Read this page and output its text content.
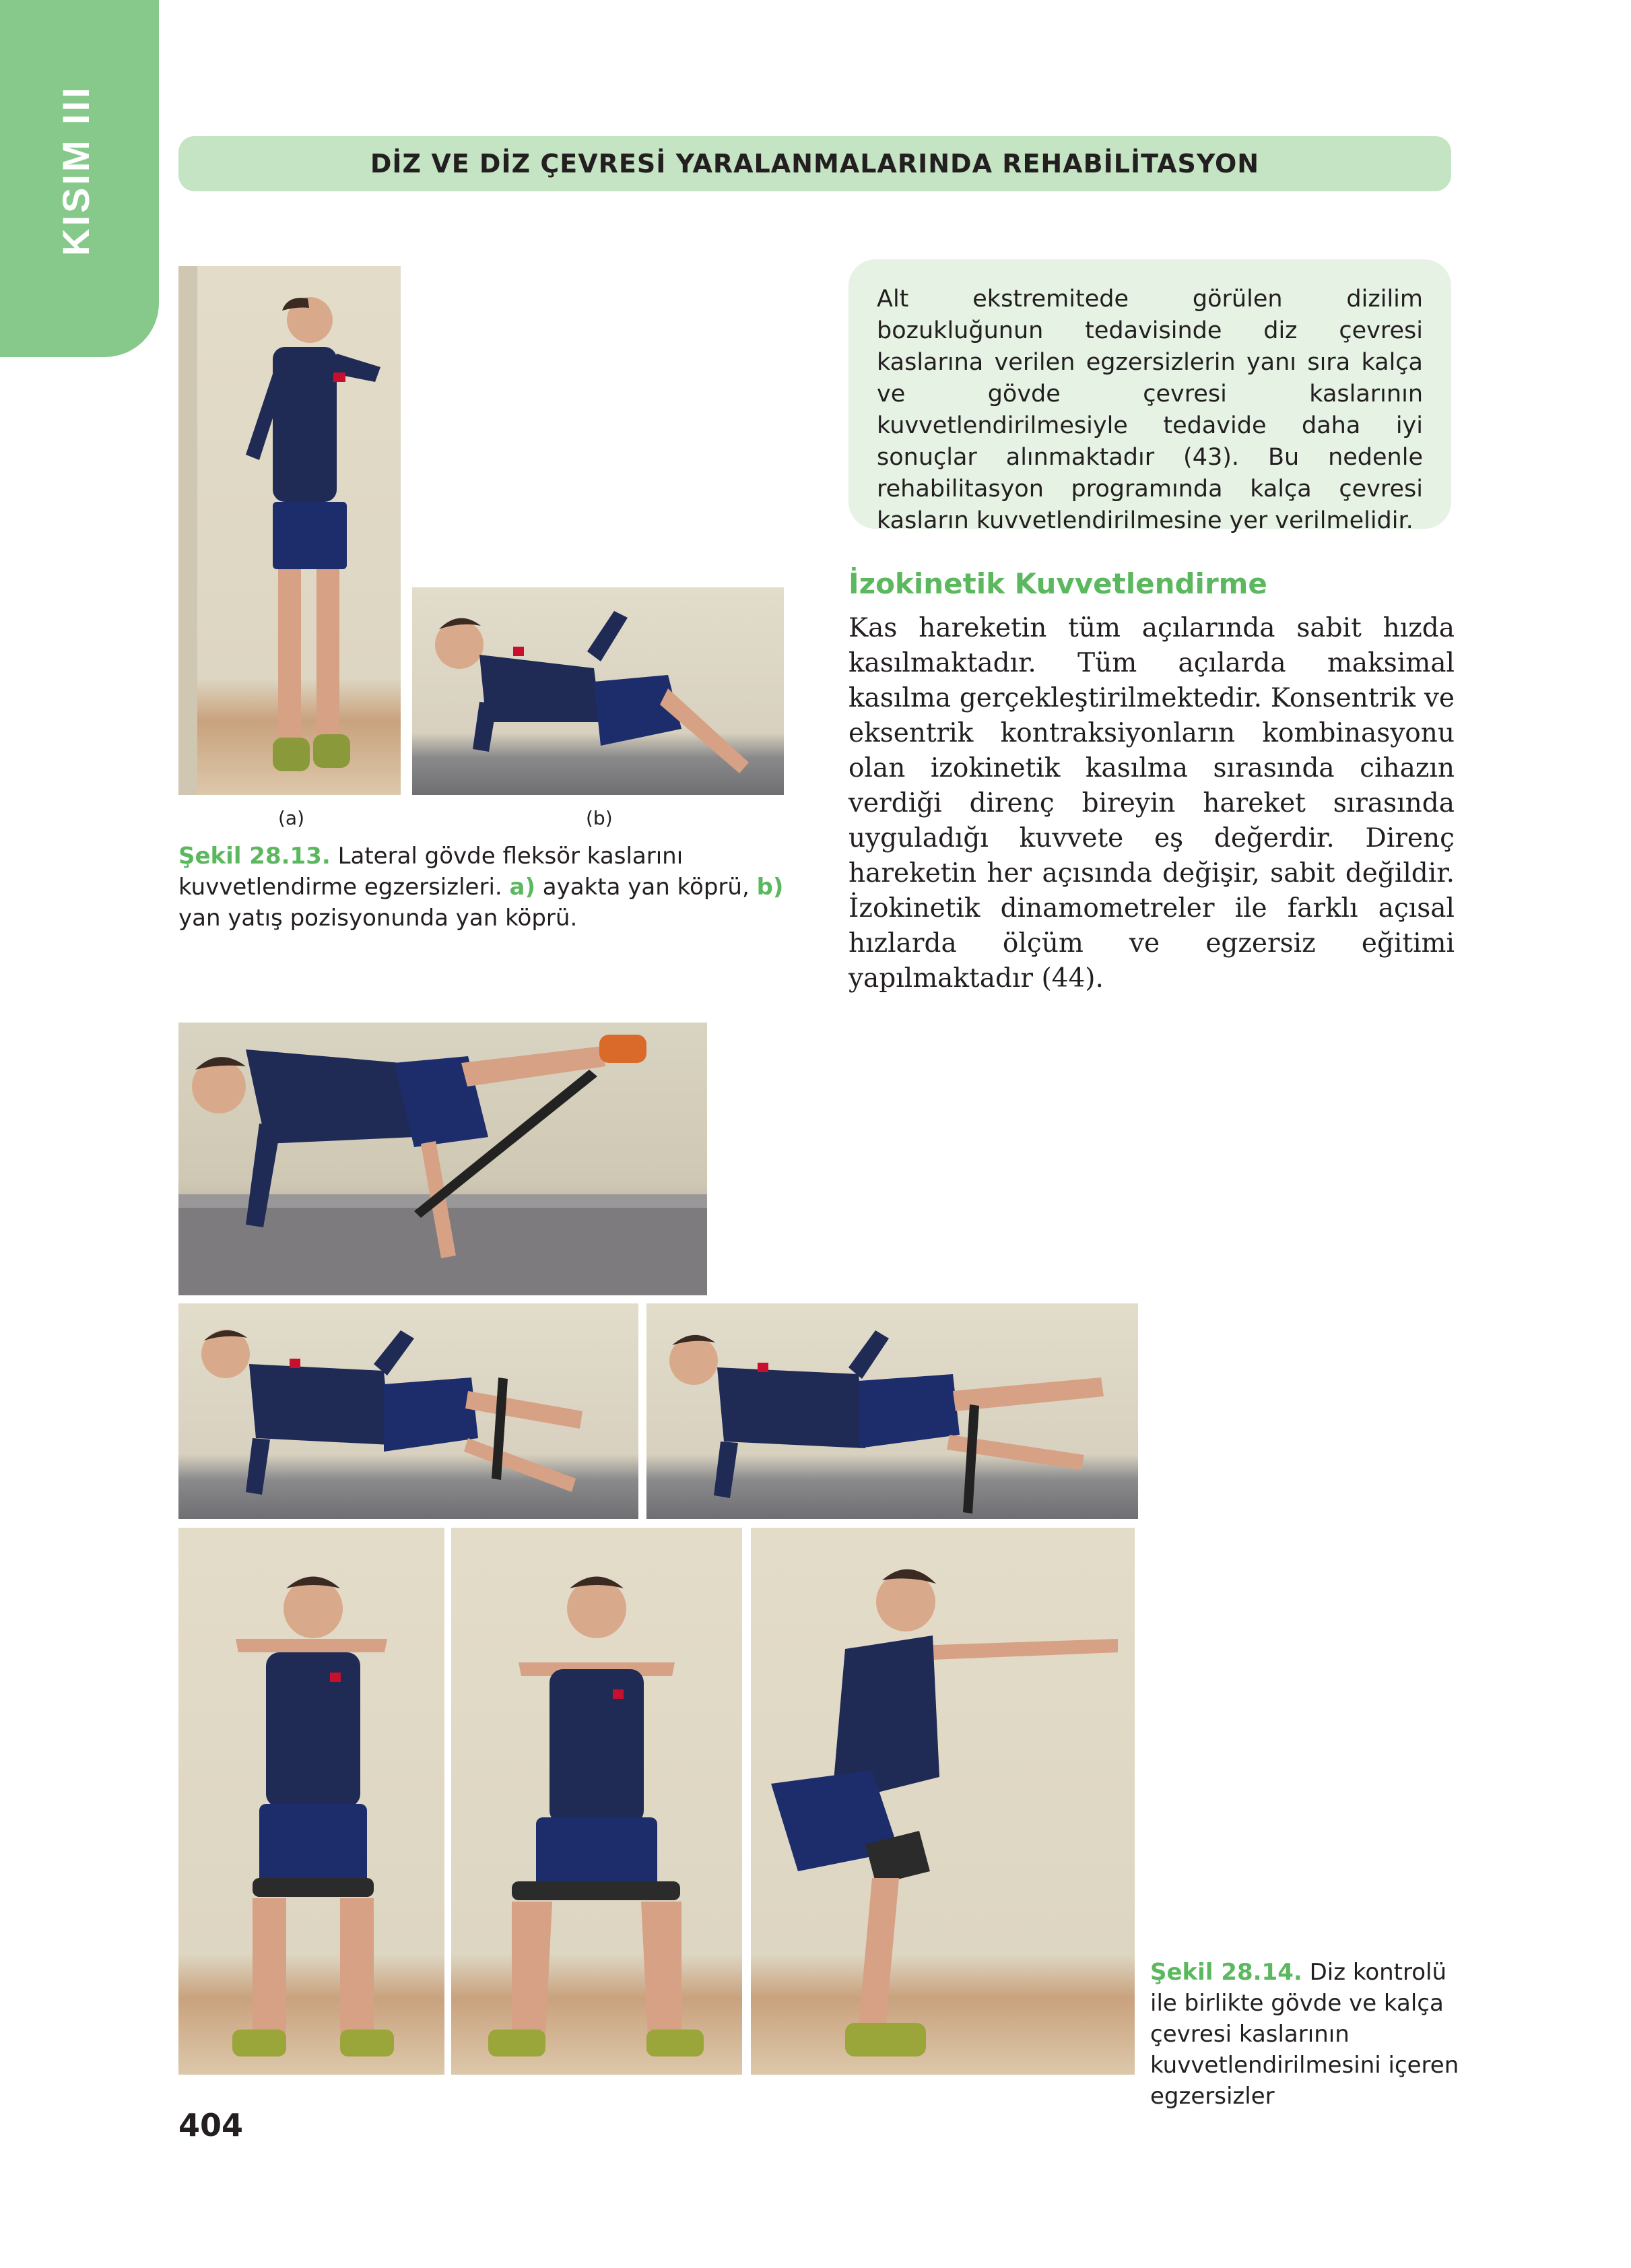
KISIM III	DİZ VE DİZ ÇEVRESİ YARALANMALARINDA REHABİLİTASYON
(a)	(b)

Şekil 28.13. Lateral gövde fleksör kaslarını kuvvetlendirme egzersizleri. a) ayakta yan köprü, b) yan yatış pozisyonunda yan köprü.

Alt ekstremitede görülen dizilim bozukluğunun tedavisinde diz çevresi kaslarına verilen egzersizlerin yanı sıra kalça ve gövde çevresi kaslarının kuvvetlendirilmesiyle tedavide daha iyi sonuçlar alınmaktadır (43). Bu nedenle rehabilitasyon programında kalça çevresi kasların kuvvetlendirilmesine yer verilmelidir.

İzokinetik Kuvvetlendirme

Kas hareketin tüm açılarında sabit hızda kasılmaktadır. Tüm açılarda maksimal kasılma gerçekleştirilmektedir. Konsentrik ve eksentrik kontraksiyonların kombinasyonu olan izokinetik kasılma sırasında cihazın verdiği direnç bireyin hareket sırasında uyguladığı kuvvete eş değerdir. Direnç hareketin her açısında değişir, sabit değildir. İzokinetik dinamometreler ile farklı açısal hızlarda ölçüm ve egzersiz eğitimi yapılmaktadır (44).

Şekil 28.14. Diz kontrolü ile birlikte gövde ve kalça çevresi kaslarının kuvvetlendirilmesini içeren egzersizler

404
